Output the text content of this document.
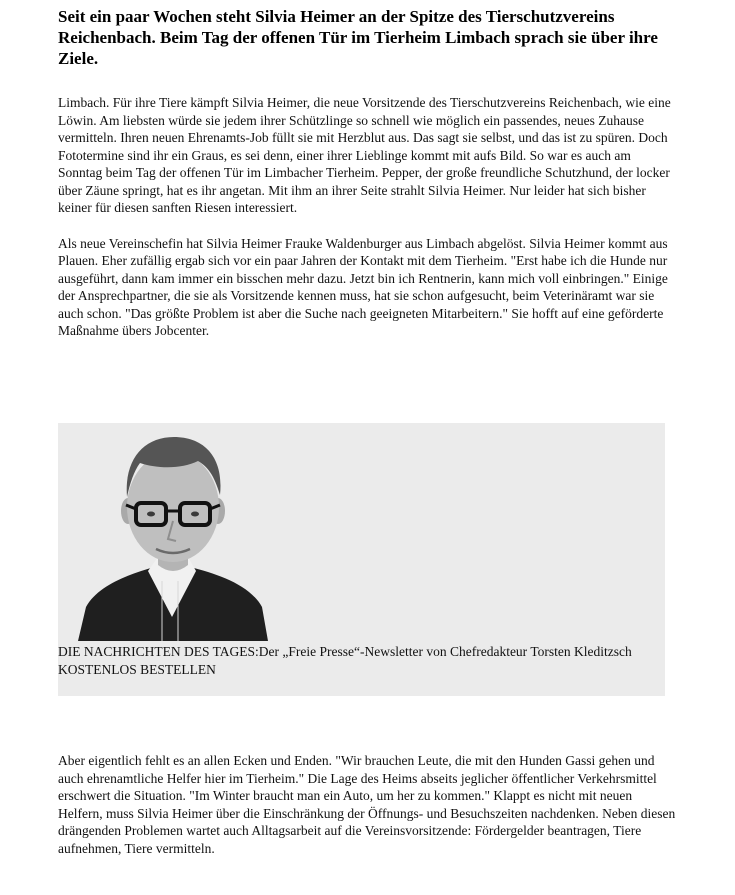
Seit ein paar Wochen steht Silvia Heimer an der Spitze des Tierschutzvereins Reichenbach. Beim Tag der offenen Tür im Tierheim Limbach sprach sie über ihre Ziele.

Limbach. Für ihre Tiere kämpft Silvia Heimer, die neue Vorsitzende des Tierschutzvereins Reichenbach, wie eine Löwin. Am liebsten würde sie jedem ihrer Schützlinge so schnell wie möglich ein passendes, neues Zuhause vermitteln. Ihren neuen Ehrenamts-Job füllt sie mit Herzblut aus. Das sagt sie selbst, und das ist zu spüren. Doch Fototermine sind ihr ein Graus, es sei denn, einer ihrer Lieblinge kommt mit aufs Bild. So war es auch am Sonntag beim Tag der offenen Tür im Limbacher Tierheim. Pepper, der große freundliche Schutzhund, der locker über Zäune springt, hat es ihr angetan. Mit ihm an ihrer Seite strahlt Silvia Heimer. Nur leider hat sich bisher keiner für diesen sanften Riesen interessiert.

Als neue Vereinschefin hat Silvia Heimer Frauke Waldenburger aus Limbach abgelöst. Silvia Heimer kommt aus Plauen. Eher zufällig ergab sich vor ein paar Jahren der Kontakt mit dem Tierheim. "Erst habe ich die Hunde nur ausgeführt, dann kam immer ein bisschen mehr dazu. Jetzt bin ich Rentnerin, kann mich voll einbringen." Einige der Ansprechpartner, die sie als Vorsitzende kennen muss, hat sie schon aufgesucht, beim Veterinäramt war sie auch schon. "Das größte Problem ist aber die Suche nach geeigneten Mitarbeitern." Sie hofft auf eine geförderte Maßnahme übers Jobcenter.

DIE NACHRICHTEN DES TAGES:Der „Freie Presse“-Newsletter von Chefredakteur Torsten Kleditzsch
KOSTENLOS BESTELLEN

Aber eigentlich fehlt es an allen Ecken und Enden. "Wir brauchen Leute, die mit den Hunden Gassi gehen und auch ehrenamtliche Helfer hier im Tierheim." Die Lage des Heims abseits jeglicher öffentlicher Verkehrsmittel erschwert die Situation. "Im Winter braucht man ein Auto, um her zu kommen." Klappt es nicht mit neuen Helfern, muss Silvia Heimer über die Einschränkung der Öffnungs- und Besuchszeiten nachdenken. Neben diesen drängenden Problemen wartet auch Alltagsarbeit auf die Vereinsvorsitzende: Fördergelder beantragen, Tiere aufnehmen, Tiere vermitteln.
